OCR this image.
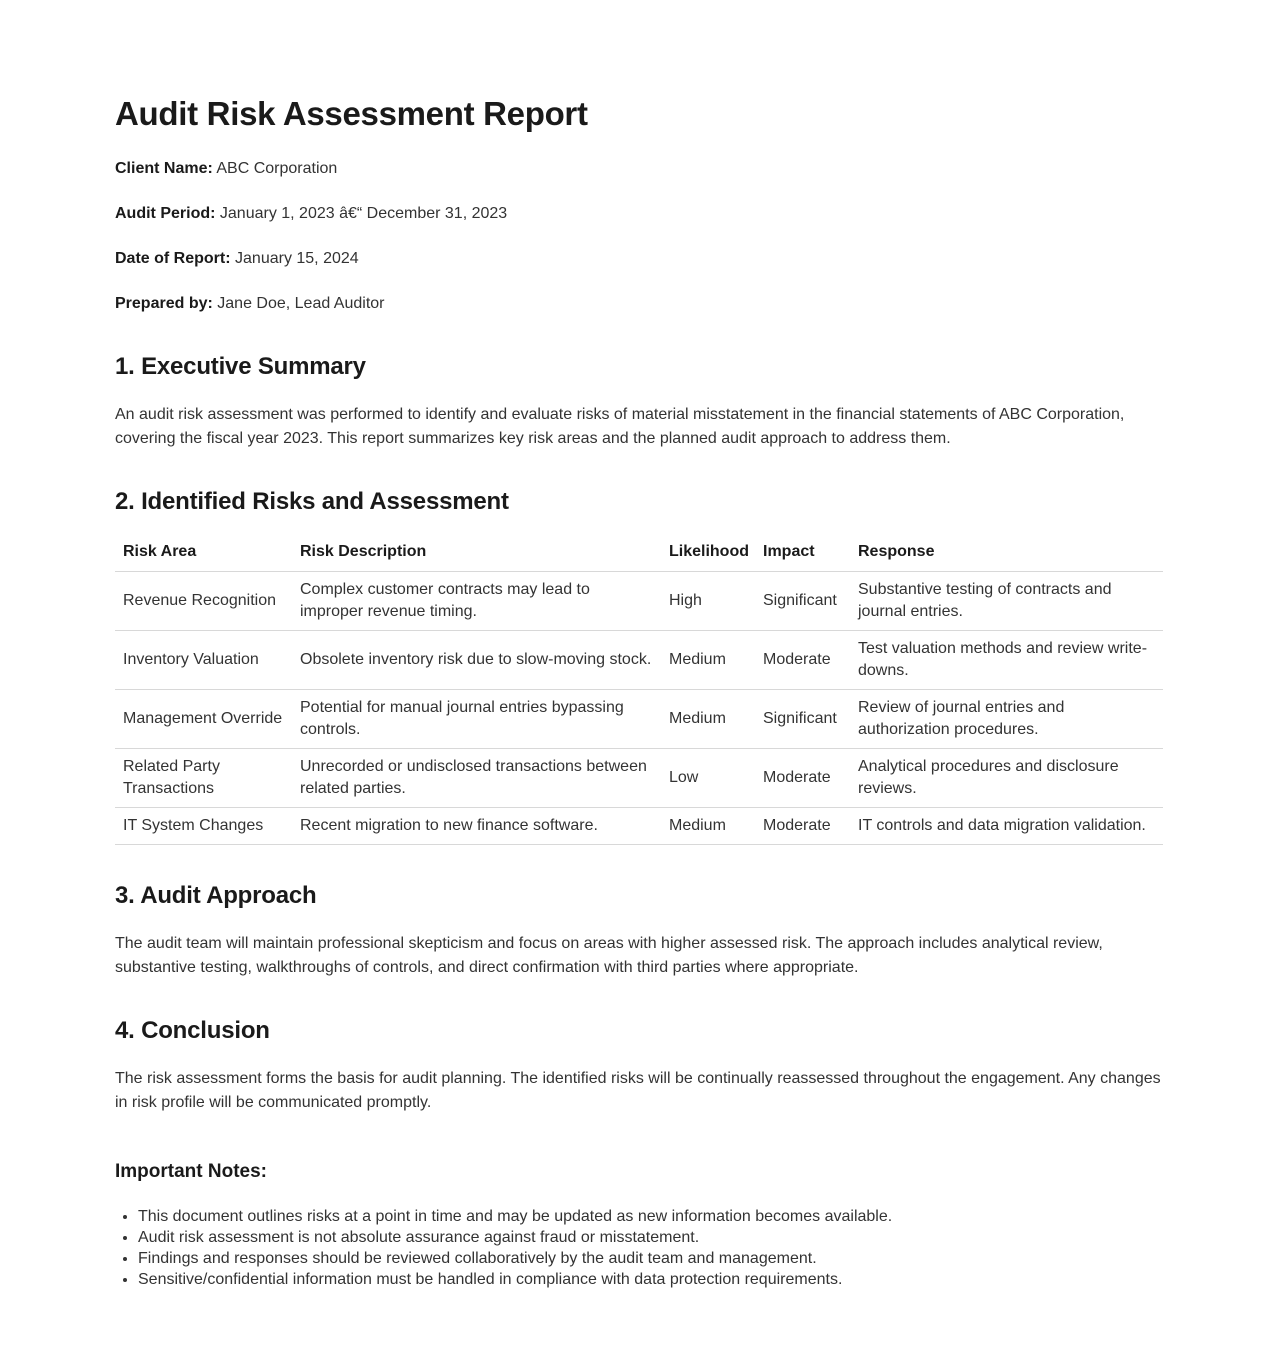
Audit Risk Assessment Report

Client Name: ABC Corporation

Audit Period: January 1, 2023 â€“ December 31, 2023

Date of Report: January 15, 2024

Prepared by: Jane Doe, Lead Auditor

1. Executive Summary

An audit risk assessment was performed to identify and evaluate risks of material misstatement in the financial statements of ABC Corporation, covering the fiscal year 2023. This report summarizes key risk areas and the planned audit approach to address them.

2. Identified Risks and Assessment
Risk Area	Risk Description	Likelihood	Impact	Response
Revenue Recognition	Complex customer contracts may lead to improper revenue timing.	High	Significant	Substantive testing of contracts and journal entries.
Inventory Valuation	Obsolete inventory risk due to slow-moving stock.	Medium	Moderate	Test valuation methods and review write-downs.
Management Override	Potential for manual journal entries bypassing controls.	Medium	Significant	Review of journal entries and authorization procedures.
Related Party Transactions	Unrecorded or undisclosed transactions between related parties.	Low	Moderate	Analytical procedures and disclosure reviews.
IT System Changes	Recent migration to new finance software.	Medium	Moderate	IT controls and data migration validation.
3. Audit Approach

The audit team will maintain professional skepticism and focus on areas with higher assessed risk. The approach includes analytical review, substantive testing, walkthroughs of controls, and direct confirmation with third parties where appropriate.

4. Conclusion

The risk assessment forms the basis for audit planning. The identified risks will be continually reassessed throughout the engagement. Any changes in risk profile will be communicated promptly.

Important Notes:
• This document outlines risks at a point in time and may be updated as new information becomes available.
• Audit risk assessment is not absolute assurance against fraud or misstatement.
• Findings and responses should be reviewed collaboratively by the audit team and management.
• Sensitive/confidential information must be handled in compliance with data protection requirements.
